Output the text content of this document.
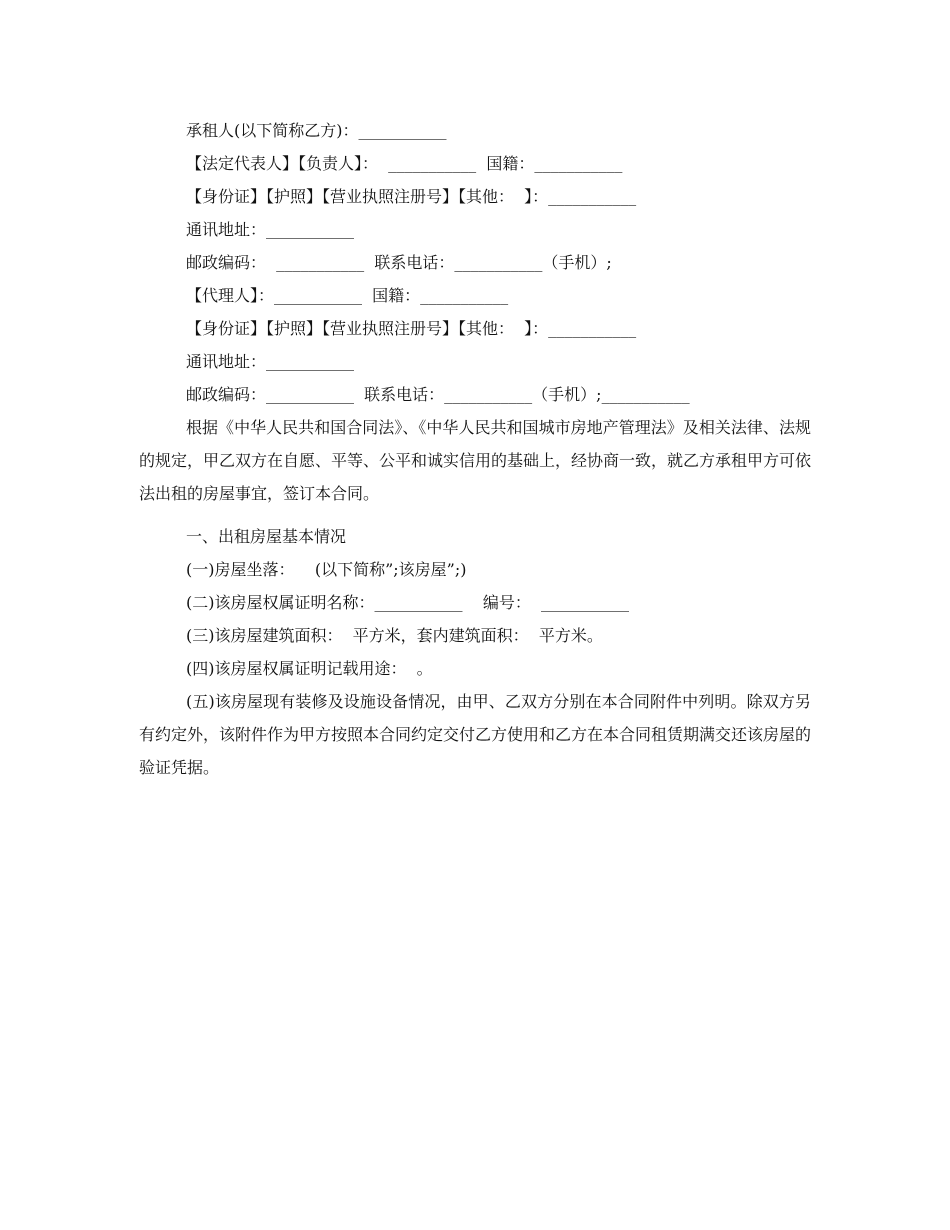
承租人(以下简称乙方)：___________
【法定代表人】【负责人】：  ___________  国籍：___________
【身份证】【护照】【营业执照注册号】【其他：  】：___________
通讯地址：___________
邮政编码：  ___________  联系电话：___________（手机）;
【代理人】：___________  国籍：___________
【身份证】【护照】【营业执照注册号】【其他：  】：___________
通讯地址：___________
邮政编码：___________  联系电话：___________（手机）;___________
根据《中华人民共和国合同法》、《中华人民共和国城市房地产管理法》及相关法律、法规的规定，甲乙双方在自愿、平等、公平和诚实信用的基础上，经协商一致，就乙方承租甲方可依法出租的房屋事宜，签订本合同。
一、出租房屋基本情况
(一)房屋坐落：    (以下简称”;该房屋”;)
(二)该房屋权属证明名称：___________    编号：  ___________
(三)该房屋建筑面积：  平方米，套内建筑面积：  平方米。
(四)该房屋权属证明记载用途：  。
(五)该房屋现有装修及设施设备情况，由甲、乙双方分别在本合同附件中列明。除双方另有约定外，该附件作为甲方按照本合同约定交付乙方使用和乙方在本合同租赁期满交还该房屋的验证凭据。
